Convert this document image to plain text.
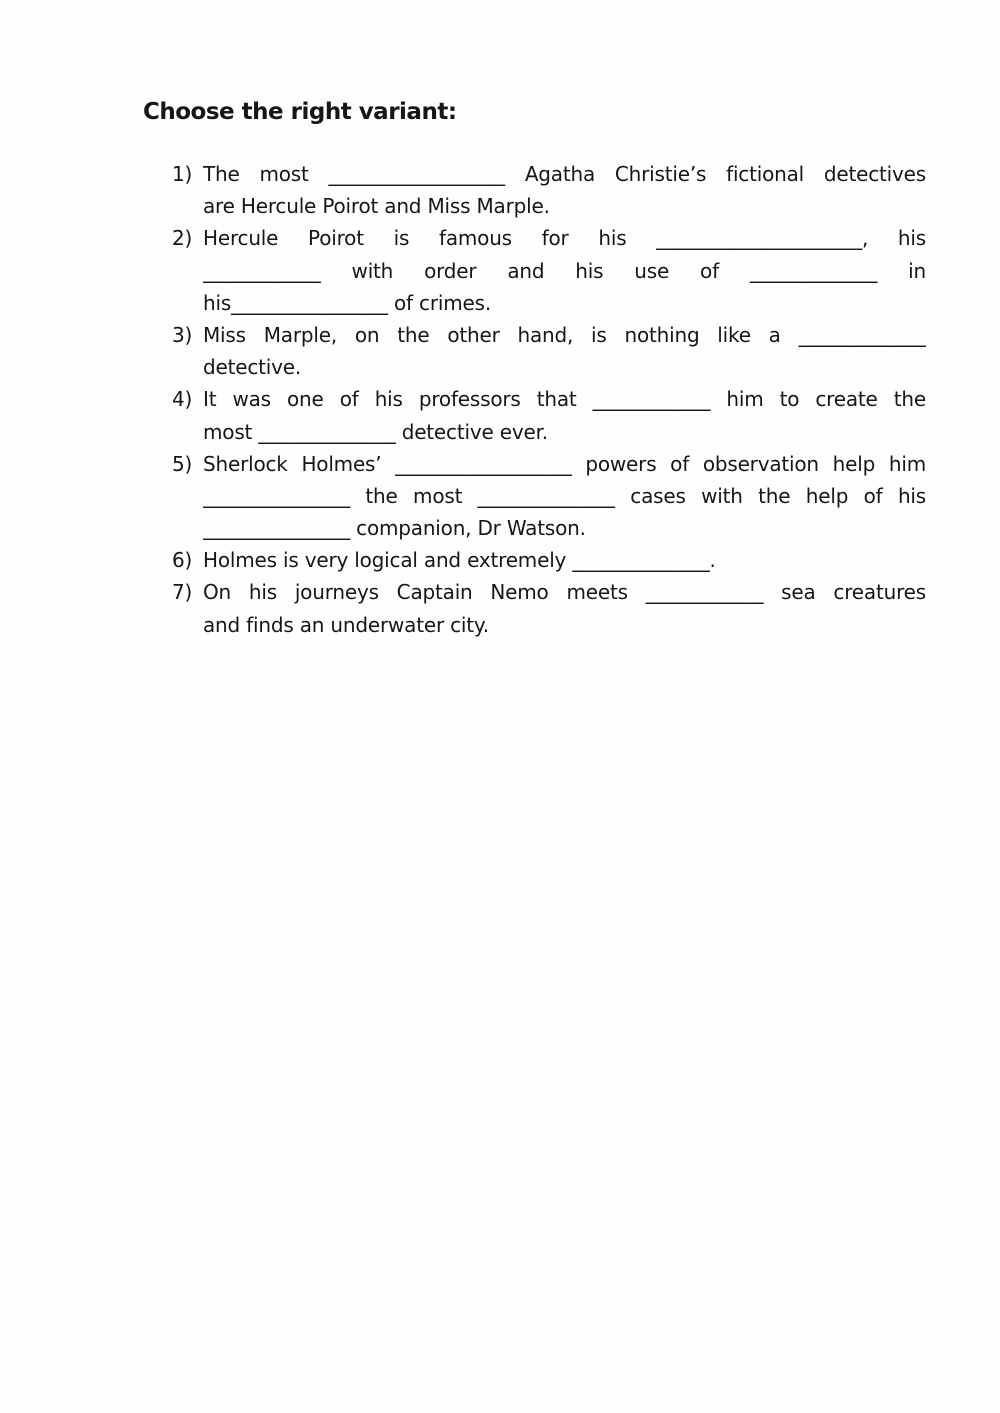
Choose the right variant:
1) The most __________________ Agatha Christie’s fictional detectives
are Hercule Poirot and Miss Marple.
2) Hercule Poirot is famous for his _____________________, his
____________ with order and his use of _____________ in
his________________ of crimes.
3) Miss Marple, on the other hand, is nothing like a _____________
detective.
4) It was one of his professors that ____________ him to create the
most ______________ detective ever.
5) Sherlock Holmes’ __________________ powers of observation help him
_______________ the most ______________ cases with the help of his
_______________ companion, Dr Watson.
6) Holmes is very logical and extremely ______________.
7) On his journeys Captain Nemo meets ____________ sea creatures
and finds an underwater city.
